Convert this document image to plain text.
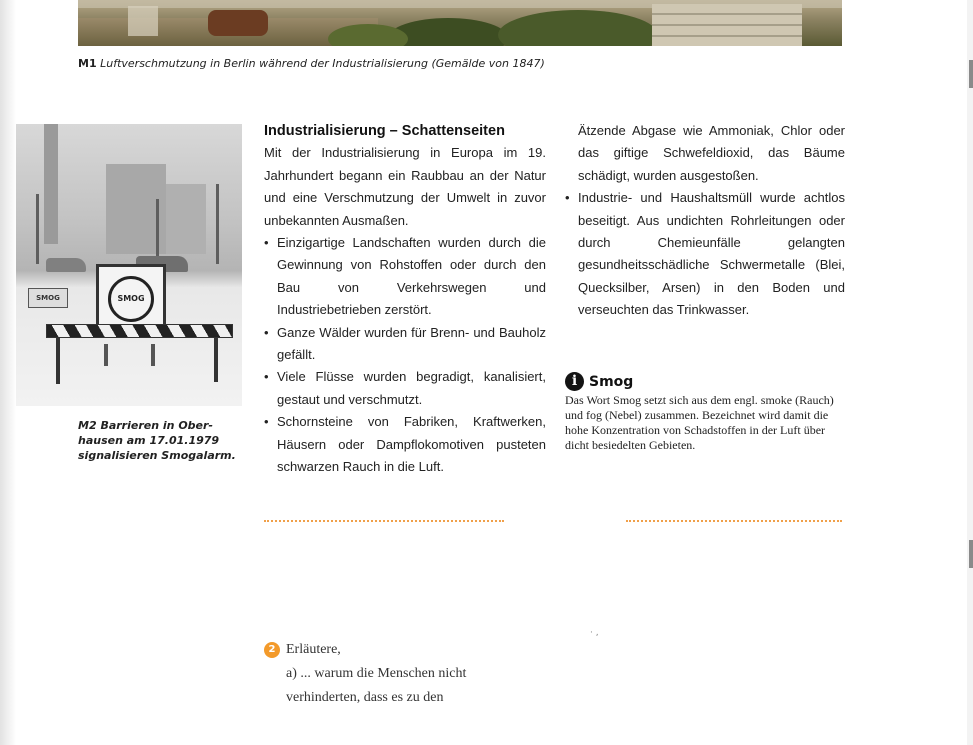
M1 Luftverschmutzung in Berlin während der Industrialisierung (Gemälde von 1847)
SMOG	SMOG
M2 Barrieren in Ober-hausen am 17.01.1979 signalisieren Smogalarm.
Industrialisierung – Schattenseiten
Mit der Industrialisierung in Europa im 19. Jahrhundert begann ein Raubbau an der Natur und eine Verschmutzung der Umwelt in zuvor unbekannten Ausmaßen.
• Einzigartige Landschaften wurden durch die Gewinnung von Rohstoffen oder durch den Bau von Verkehrswegen und Industriebetrieben zerstört.
• Ganze Wälder wurden für Brenn- und Bauholz gefällt.
• Viele Flüsse wurden begradigt, kanalisiert, gestaut und verschmutzt.
• Schornsteine von Fabriken, Kraftwerken, Häusern oder Dampflokomotiven pusteten schwarzen Rauch in die Luft.
Ätzende Abgase wie Ammoniak, Chlor oder das giftige Schwefeldioxid, das Bäume schädigt, wurden ausgestoßen.
• Industrie- und Haushaltsmüll wurde achtlos beseitigt. Aus undichten Rohrleitungen oder durch Chemieunfälle gelangten gesundheitsschädliche Schwermetalle (Blei, Quecksilber, Arsen) in den Boden und verseuchten das Trinkwasser.
i Smog
Das Wort Smog setzt sich aus dem engl. smoke (Rauch) und fog (Nebel) zusammen. Bezeichnet wird damit die hohe Konzentration von Schadstoffen in der Luft über dicht besiedelten Gebieten.
· ,
2 Erläutere,
a) ... warum die Menschen nicht
verhinderten, dass es zu den
